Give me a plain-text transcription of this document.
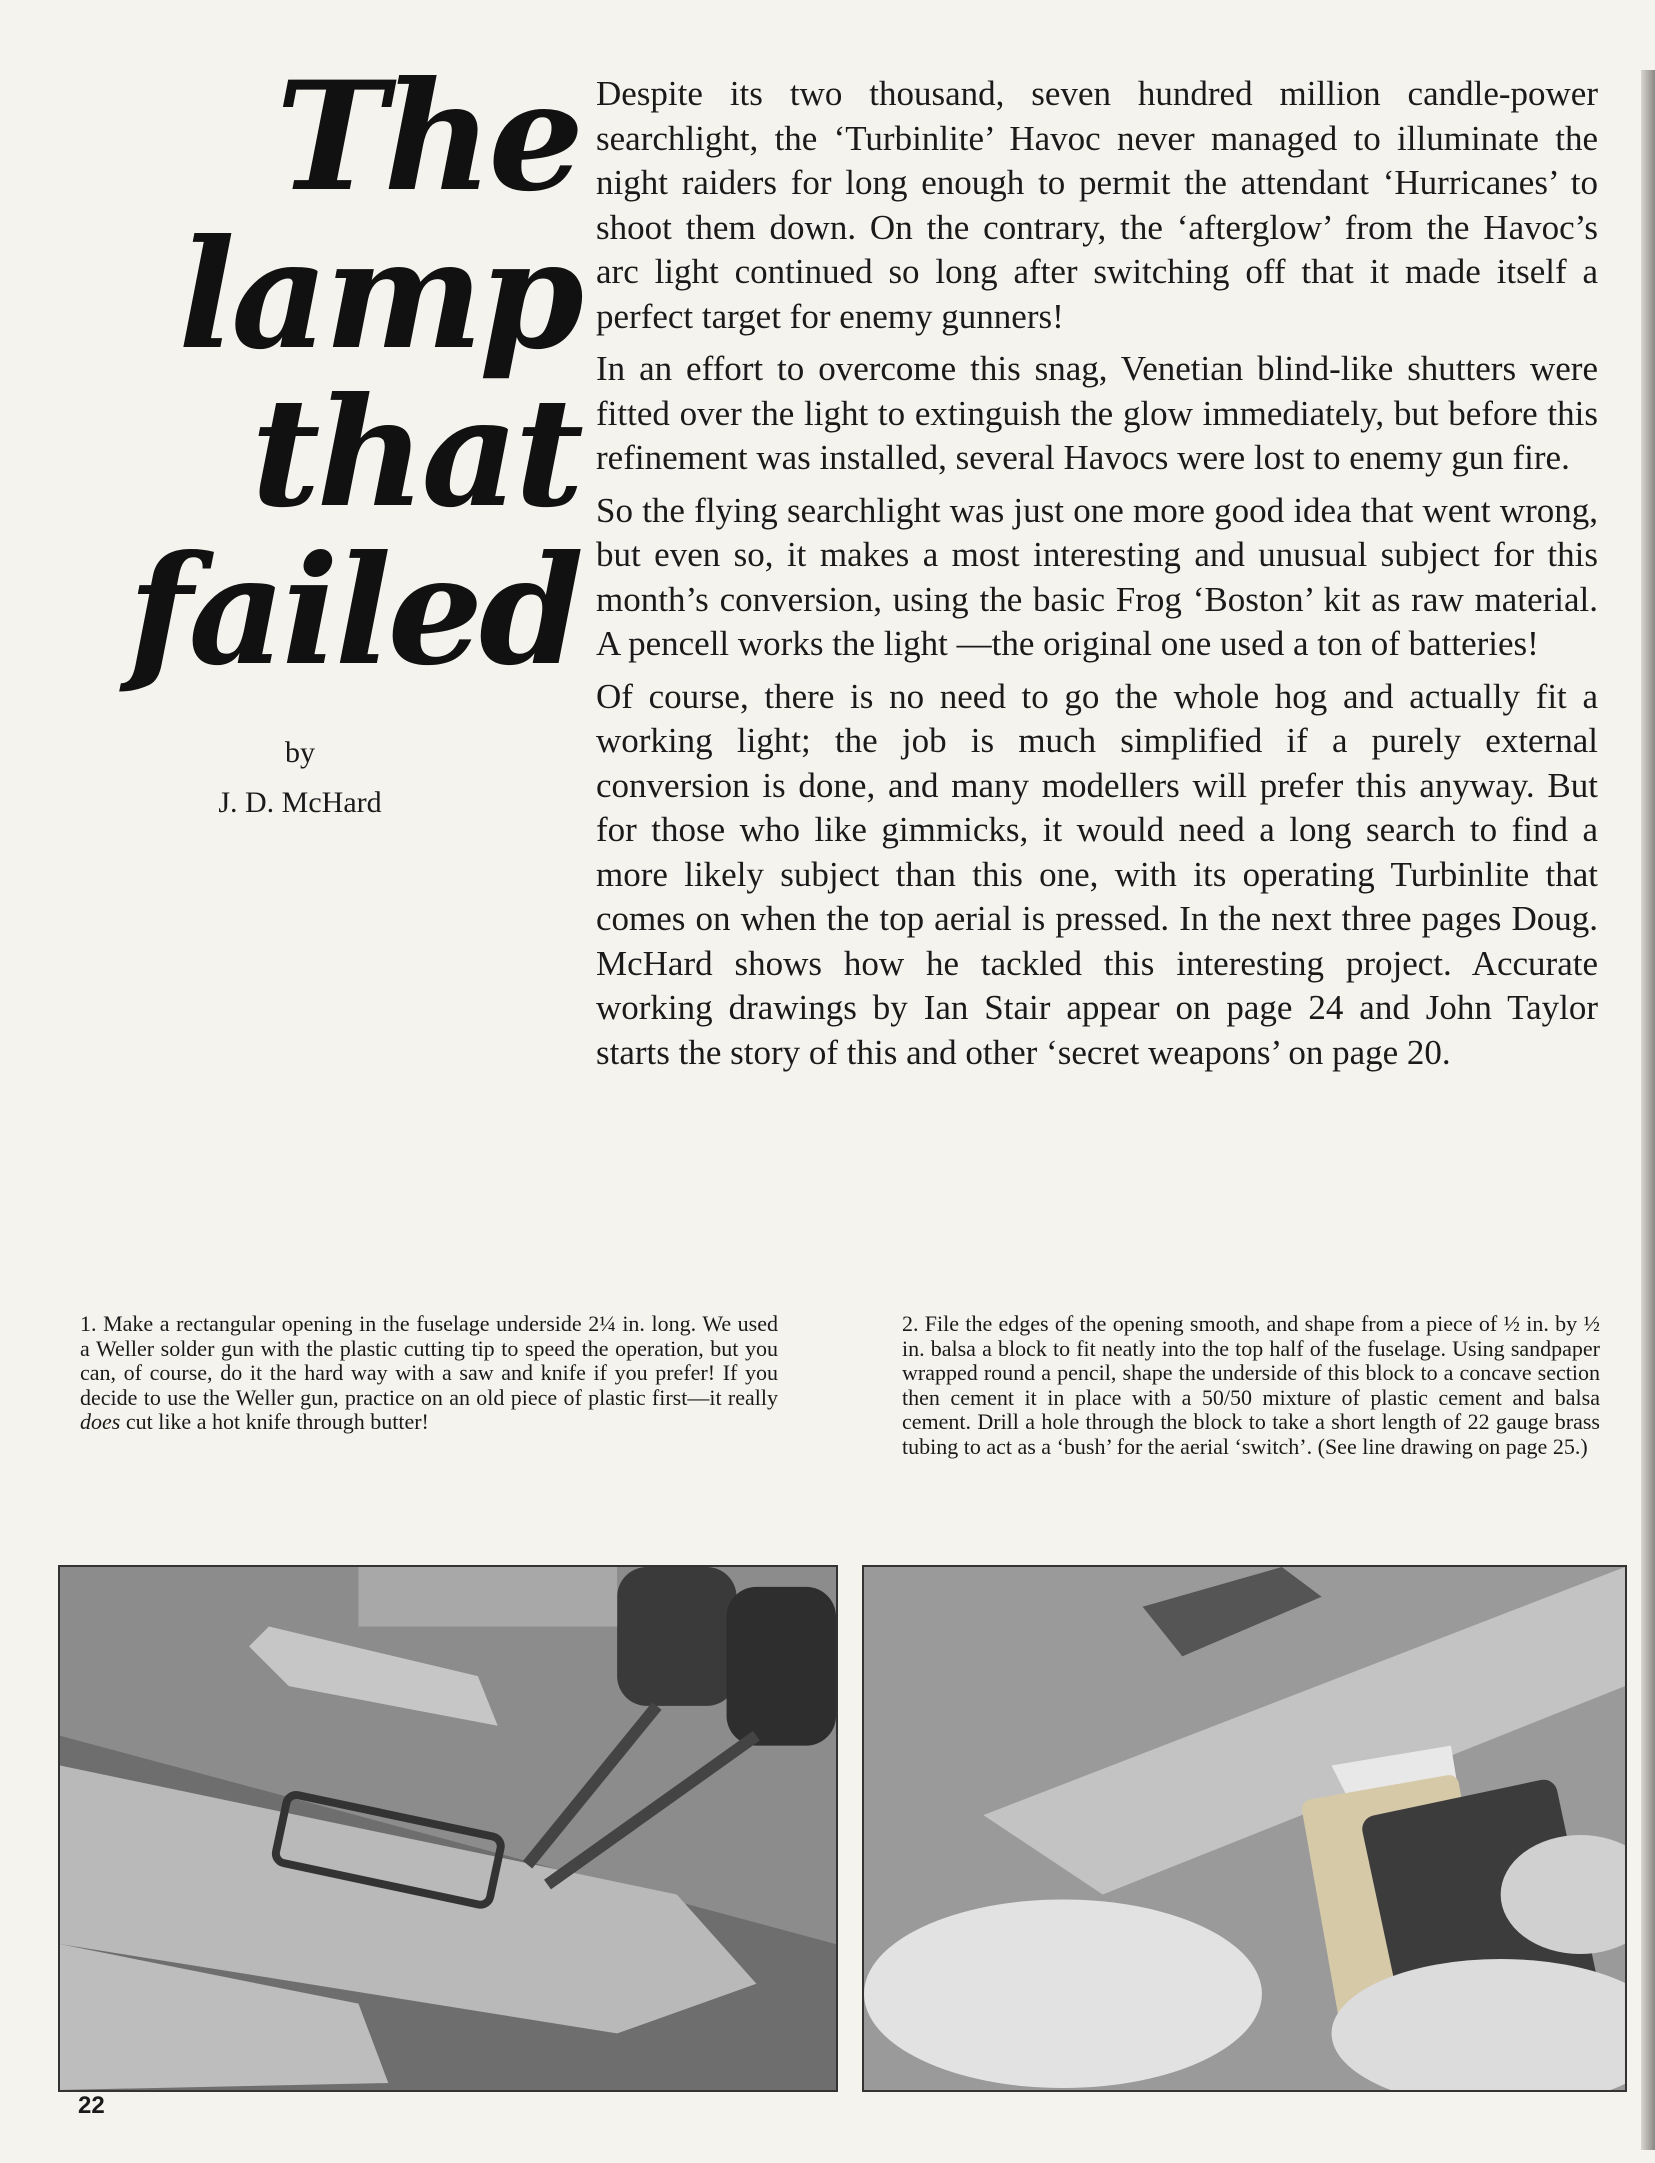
The
lamp
that
failed
by
J. D. McHard

Despite its two thousand, seven hundred million candle-power searchlight, the ‘Turbinlite’ Havoc never managed to illuminate the night raiders for long enough to permit the attendant ‘Hurricanes’ to shoot them down. On the contrary, the ‘afterglow’ from the Havoc’s arc light continued so long after switching off that it made itself a perfect target for enemy gunners!

In an effort to overcome this snag, Venetian blind-like shutters were fitted over the light to extinguish the glow immediately, but before this refinement was installed, several Havocs were lost to enemy gun fire.

So the flying searchlight was just one more good idea that went wrong, but even so, it makes a most interesting and unusual subject for this month’s conversion, using the basic Frog ‘Boston’ kit as raw material. A pencell works the light —the original one used a ton of batteries!

Of course, there is no need to go the whole hog and actually fit a working light; the job is much simplified if a purely external conversion is done, and many modellers will prefer this anyway. But for those who like gimmicks, it would need a long search to find a more likely subject than this one, with its operating Turbinlite that comes on when the top aerial is pressed. In the next three pages Doug. McHard shows how he tackled this interesting project. Accurate working drawings by Ian Stair appear on page 24 and John Taylor starts the story of this and other ‘secret weapons’ on page 20.

1. Make a rectangular opening in the fuselage underside 2¼ in. long. We used a Weller solder gun with the plastic cutting tip to speed the operation, but you can, of course, do it the hard way with a saw and knife if you prefer! If you decide to use the Weller gun, practice on an old piece of plastic first—it really does cut like a hot knife through butter!

2. File the edges of the opening smooth, and shape from a piece of ½ in. by ½ in. balsa a block to fit neatly into the top half of the fuselage. Using sandpaper wrapped round a pencil, shape the underside of this block to a concave section then cement it in place with a 50/50 mixture of plastic cement and balsa cement. Drill a hole through the block to take a short length of 22 gauge brass tubing to act as a ‘bush’ for the aerial ‘switch’. (See line drawing on page 25.)

22
